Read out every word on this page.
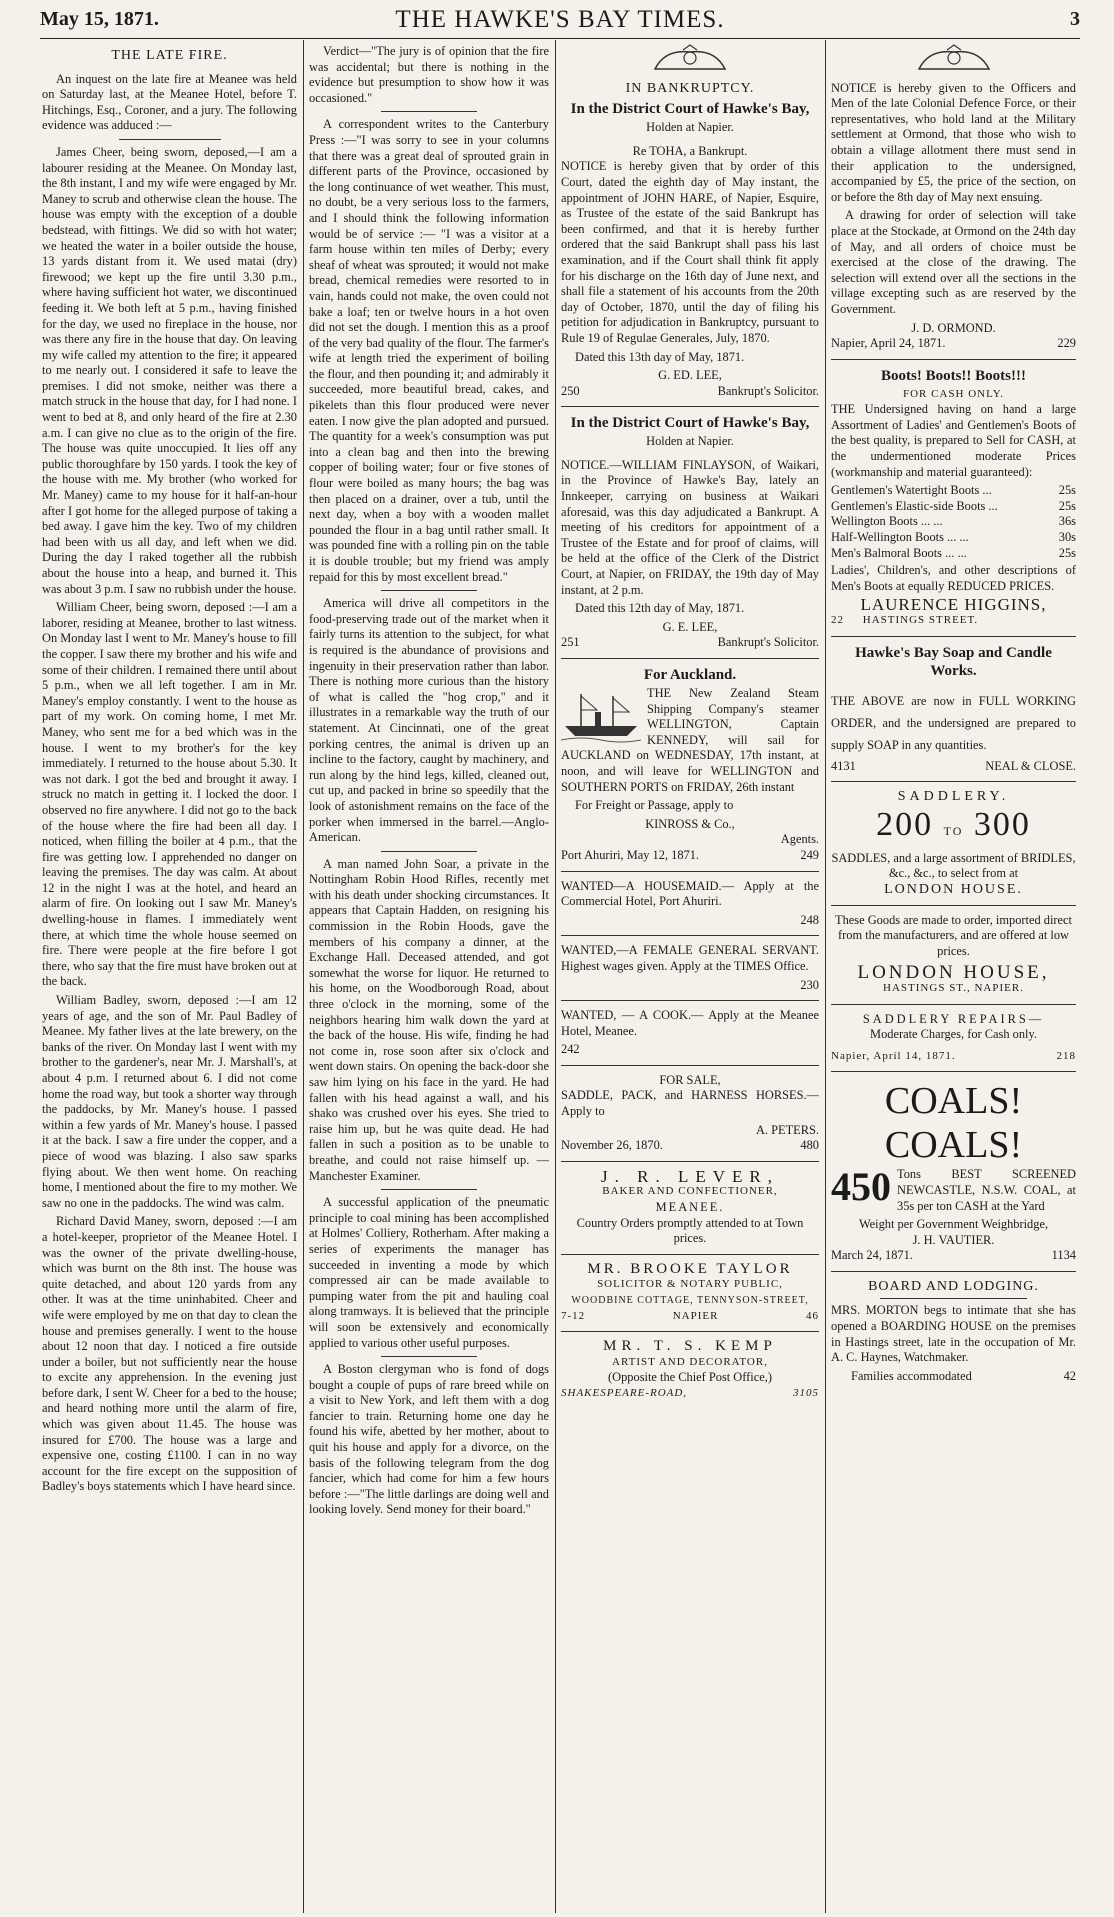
May 15, 1871.	THE HAWKE'S BAY TIMES.	3
THE LATE FIRE.

An inquest on the late fire at Meanee was held on Saturday last, at the Meanee Hotel, before T. Hitchings, Esq., Coroner, and a jury. The following evidence was adduced :—

James Cheer, being sworn, deposed,—I am a labourer residing at the Meanee. On Monday last, the 8th instant, I and my wife were engaged by Mr. Maney to scrub and otherwise clean the house. The house was empty with the exception of a double bedstead, with fittings. We did so with hot water; we heated the water in a boiler outside the house, 13 yards distant from it. We used matai (dry) firewood; we kept up the fire until 3.30 p.m., where having sufficient hot water, we discontinued feeding it. We both left at 5 p.m., having finished for the day, we used no fireplace in the house, nor was there any fire in the house that day. On leaving my wife called my attention to the fire; it appeared to me nearly out. I considered it safe to leave the premises. I did not smoke, neither was there a match struck in the house that day, for I had none. I went to bed at 8, and only heard of the fire at 2.30 a.m. I can give no clue as to the origin of the fire. The house was quite unoccupied. It lies off any public thoroughfare by 150 yards. I took the key of the house with me. My brother (who worked for Mr. Maney) came to my house for it half-an-hour after I got home for the alleged purpose of taking a bed away. I gave him the key. Two of my children had been with us all day, and left when we did. During the day I raked together all the rubbish about the house into a heap, and burned it. This was about 3 p.m. I saw no rubbish under the house.

William Cheer, being sworn, deposed :—I am a laborer, residing at Meanee, brother to last witness. On Monday last I went to Mr. Maney's house to fill the copper. I saw there my brother and his wife and some of their children. I remained there until about 5 p.m., when we all left together. I am in Mr. Maney's employ constantly. I went to the house as part of my work. On coming home, I met Mr. Maney, who sent me for a bed which was in the house. I went to my brother's for the key immediately. I returned to the house about 5.30. It was not dark. I got the bed and brought it away. I struck no match in getting it. I locked the door. I observed no fire anywhere. I did not go to the back of the house where the fire had been all day. I noticed, when filling the boiler at 4 p.m., that the fire was getting low. I apprehended no danger on leaving the premises. The day was calm. At about 12 in the night I was at the hotel, and heard an alarm of fire. On looking out I saw Mr. Maney's dwelling-house in flames. I immediately went there, at which time the whole house seemed on fire. There were people at the fire before I got there, who say that the fire must have broken out at the back.

William Badley, sworn, deposed :—I am 12 years of age, and the son of Mr. Paul Badley of Meanee. My father lives at the late brewery, on the banks of the river. On Monday last I went with my brother to the gardener's, near Mr. J. Marshall's, at about 4 p.m. I returned about 6. I did not come home the road way, but took a shorter way through the paddocks, by Mr. Maney's house. I passed within a few yards of Mr. Maney's house. I passed it at the back. I saw a fire under the copper, and a piece of wood was blazing. I also saw sparks flying about. We then went home. On reaching home, I mentioned about the fire to my mother. We saw no one in the paddocks. The wind was calm.

Richard David Maney, sworn, deposed :—I am a hotel-keeper, proprietor of the Meanee Hotel. I was the owner of the private dwelling-house, which was burnt on the 8th inst. The house was quite detached, and about 120 yards from any other. It was at the time uninhabited. Cheer and wife were employed by me on that day to clean the house and premises generally. I went to the house about 12 noon that day. I noticed a fire outside under a boiler, but not sufficiently near the house to excite any apprehension. In the evening just before dark, I sent W. Cheer for a bed to the house; and heard nothing more until the alarm of fire, which was given about 11.45. The house was insured for £700. The house was a large and expensive one, costing £1100. I can in no way account for the fire except on the supposition of Badley's boys statements which I have heard since.

Verdict—"The jury is of opinion that the fire was accidental; but there is nothing in the evidence but presumption to show how it was occasioned."

A correspondent writes to the Canterbury Press :—"I was sorry to see in your columns that there was a great deal of sprouted grain in different parts of the Province, occasioned by the long continuance of wet weather. This must, no doubt, be a very serious loss to the farmers, and I should think the following information would be of service :— "I was a visitor at a farm house within ten miles of Derby; every sheaf of wheat was sprouted; it would not make bread, chemical remedies were resorted to in vain, hands could not make, the oven could not bake a loaf; ten or twelve hours in a hot oven did not set the dough. I mention this as a proof of the very bad quality of the flour. The farmer's wife at length tried the experiment of boiling the flour, and then pounding it; and admirably it succeeded, more beautiful bread, cakes, and pikelets than this flour produced were never eaten. I now give the plan adopted and pursued. The quantity for a week's consumption was put into a clean bag and then into the brewing copper of boiling water; four or five stones of flour were boiled as many hours; the bag was then placed on a drainer, over a tub, until the next day, when a boy with a wooden mallet pounded the flour in a bag until rather small. It was pounded fine with a rolling pin on the table it is double trouble; but my friend was amply repaid for this by most excellent bread."

America will drive all competitors in the food-preserving trade out of the market when it fairly turns its attention to the subject, for what is required is the abundance of provisions and ingenuity in their preservation rather than labor. There is nothing more curious than the history of what is called the "hog crop," and it illustrates in a remarkable way the truth of our statement. At Cincinnati, one of the great porking centres, the animal is driven up an incline to the factory, caught by machinery, and run along by the hind legs, killed, cleaned out, cut up, and packed in brine so speedily that the look of astonishment remains on the face of the porker when immersed in the barrel.—Anglo-American.

A man named John Soar, a private in the Nottingham Robin Hood Rifles, recently met with his death under shocking circumstances. It appears that Captain Hadden, on resigning his commission in the Robin Hoods, gave the members of his company a dinner, at the Exchange Hall. Deceased attended, and got somewhat the worse for liquor. He returned to his home, on the Woodborough Road, about three o'clock in the morning, some of the neighbors hearing him walk down the yard at the back of the house. His wife, finding he had not come in, rose soon after six o'clock and went down stairs. On opening the back-door she saw him lying on his face in the yard. He had fallen with his head against a wall, and his shako was crushed over his eyes. She tried to raise him up, but he was quite dead. He had fallen in such a position as to be unable to breathe, and could not raise himself up. —Manchester Examiner.

A successful application of the pneumatic principle to coal mining has been accomplished at Holmes' Colliery, Rotherham. After making a series of experiments the manager has succeeded in inventing a mode by which compressed air can be made available to pumping water from the pit and hauling coal along tramways. It is believed that the principle will soon be extensively and economically applied to various other useful purposes.

A Boston clergyman who is fond of dogs bought a couple of pups of rare breed while on a visit to New York, and left them with a dog fancier to train. Returning home one day he found his wife, abetted by her mother, about to quit his house and apply for a divorce, on the basis of the following telegram from the dog fancier, which had come for him a few hours before :—"The little darlings are doing well and looking lovely. Send money for their board."

IN BANKRUPTCY.
In the District Court of Hawke's Bay,
Holden at Napier.
Re TOHA, a Bankrupt.

NOTICE is hereby given that by order of this Court, dated the eighth day of May instant, the appointment of JOHN HARE, of Napier, Esquire, as Trustee of the estate of the said Bankrupt has been confirmed, and that it is hereby further ordered that the said Bankrupt shall pass his last examination, and if the Court shall think fit apply for his discharge on the 16th day of June next, and shall file a statement of his accounts from the 20th day of October, 1870, until the day of filing his petition for adjudication in Bankruptcy, pursuant to Rule 19 of Regulae Generales, July, 1870.

Dated this 13th day of May, 1871.

G. ED. LEE,
250	Bankrupt's Solicitor.
In the District Court of Hawke's Bay,
Holden at Napier.

NOTICE.—WILLIAM FINLAYSON, of Waikari, in the Province of Hawke's Bay, lately an Innkeeper, carrying on business at Waikari aforesaid, was this day adjudicated a Bankrupt. A meeting of his creditors for appointment of a Trustee of the Estate and for proof of claims, will be held at the office of the Clerk of the District Court, at Napier, on FRIDAY, the 19th day of May instant, at 2 p.m.

Dated this 12th day of May, 1871.

G. E. LEE,
251	Bankrupt's Solicitor.
For Auckland.

THE New Zealand Steam Shipping Company's steamer WELLINGTON, Captain KENNEDY, will sail for AUCKLAND on WEDNESDAY, 17th instant, at noon, and will leave for WELLINGTON and SOUTHERN PORTS on FRIDAY, 26th instant

For Freight or Passage, apply to

KINROSS & Co.,
Agents.
Port Ahuriri, May 12, 1871.	249

WANTED—A HOUSEMAID.— Apply at the Commercial Hotel, Port Ahuriri.

248

WANTED,—A FEMALE GENERAL SERVANT. Highest wages given. Apply at the TIMES Office.

230

WANTED, — A COOK.— Apply at the Meanee Hotel, Meanee.

242
FOR SALE,

SADDLE, PACK, and HARNESS HORSES.—Apply to

A. PETERS.
November 26, 1870.	480
J. R. LEVER,
BAKER AND CONFECTIONER,
MEANEE.
Country Orders promptly attended to at Town prices.
MR. BROOKE TAYLOR
SOLICITOR & NOTARY PUBLIC,
WOODBINE COTTAGE, TENNYSON-STREET,
7-12	NAPIER	46
MR. T. S. KEMP
ARTIST AND DECORATOR,
(Opposite the Chief Post Office,)
SHAKESPEARE-ROAD,	3105

NOTICE is hereby given to the Officers and Men of the late Colonial Defence Force, or their representatives, who hold land at the Military settlement at Ormond, that those who wish to obtain a village allotment there must send in their application to the undersigned, accompanied by £5, the price of the section, on or before the 8th day of May next ensuing.

A drawing for order of selection will take place at the Stockade, at Ormond on the 24th day of May, and all orders of choice must be exercised at the close of the drawing. The selection will extend over all the sections in the village excepting such as are reserved by the Government.

J. D. ORMOND.
Napier, April 24, 1871.	229
Boots! Boots!! Boots!!!
FOR CASH ONLY.

THE Undersigned having on hand a large Assortment of Ladies' and Gentlemen's Boots of the best quality, is prepared to Sell for CASH, at the undermentioned moderate Prices (workmanship and material guaranteed):

Gentlemen's Watertight Boots ...	25s
Gentlemen's Elastic-side Boots ...	25s
Wellington Boots ... ...	36s
Half-Wellington Boots ... ...	30s
Men's Balmoral Boots ... ...	25s

Ladies', Children's, and other descriptions of Men's Boots at equally REDUCED PRICES.

LAURENCE HIGGINS,
22 HASTINGS STREET.
Hawke's Bay Soap and Candle Works.

THE ABOVE are now in FULL WORKING ORDER, and the undersigned are prepared to supply SOAP in any quantities.

4131	NEAL & CLOSE.
SADDLERY.
200 TO 300
SADDLES, and a large assortment of BRIDLES, &c., &c., to select from at
LONDON HOUSE.
These Goods are made to order, imported direct from the manufacturers, and are offered at low prices.
LONDON HOUSE,
HASTINGS ST., NAPIER.
SADDLERY REPAIRS—
Moderate Charges, for Cash only.
Napier, April 14, 1871.	218
COALS! COALS!
450 Tons BEST SCREENED NEWCASTLE, N.S.W. COAL, at 35s per ton CASH at the Yard

Weight per Government Weighbridge,
J. H. VAUTIER.
March 24, 1871.	1134
BOARD AND LODGING.

MRS. MORTON begs to intimate that she has opened a BOARDING HOUSE on the premises in Hastings street, late in the occupation of Mr. A. C. Haynes, Watchmaker.

Families accommodated	42
